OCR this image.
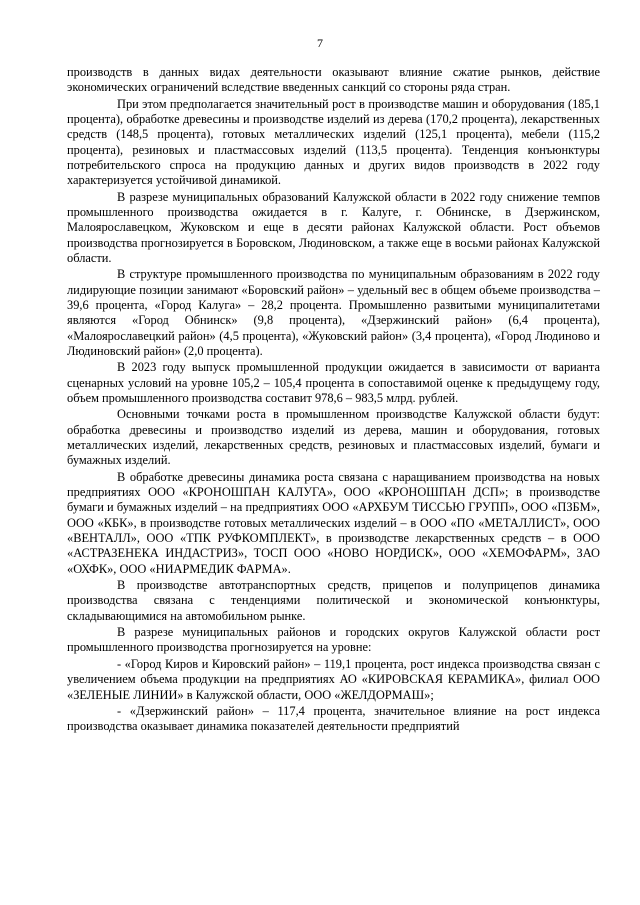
7

производств в данных видах деятельности оказывают влияние сжатие рынков, действие экономических ограничений вследствие введенных санкций со стороны ряда стран.

При этом предполагается значительный рост в производстве машин и оборудования (185,1 процента), обработке древесины и производстве изделий из дерева (170,2 процента), лекарственных средств (148,5 процента), готовых металлических изделий (125,1 процента), мебели (115,2 процента), резиновых и пластмассовых изделий (113,5 процента). Тенденция конъюнктуры потребительского спроса на продукцию данных и других видов производств в 2022 году характеризуется устойчивой динамикой.

В разрезе муниципальных образований Калужской области в 2022 году снижение темпов промышленного производства ожидается в г. Калуге, г. Обнинске, в Дзержинском, Малоярославецком, Жуковском и еще в десяти районах Калужской области. Рост объемов производства прогнозируется в Боровском, Людиновском, а также еще в восьми районах Калужской области.

В структуре промышленного производства по муниципальным образованиям в 2022 году лидирующие позиции занимают «Боровский район» – удельный вес в общем объеме производства – 39,6 процента, «Город Калуга» – 28,2 процента. Промышленно развитыми муниципалитетами являются «Город Обнинск» (9,8 процента), «Дзержинский район» (6,4 процента), «Малоярославецкий район» (4,5 процента), «Жуковский район» (3,4 процента), «Город Людиново и Людиновский район» (2,0 процента).

В 2023 году выпуск промышленной продукции ожидается в зависимости от варианта сценарных условий на уровне 105,2 – 105,4 процента в сопоставимой оценке к предыдущему году, объем промышленного производства составит 978,6 – 983,5 млрд. рублей.

Основными точками роста в промышленном производстве Калужской области будут: обработка древесины и производство изделий из дерева, машин и оборудования, готовых металлических изделий, лекарственных средств, резиновых и пластмассовых изделий, бумаги и бумажных изделий.

В обработке древесины динамика роста связана с наращиванием производства на новых предприятиях ООО «КРОНОШПАН КАЛУГА», ООО «КРОНОШПАН ДСП»; в производстве бумаги и бумажных изделий – на предприятиях ООО «АРХБУМ ТИССЬЮ ГРУПП», ООО «ПЗБМ», ООО «КБК», в производстве готовых металлических изделий – в ООО «ПО «МЕТАЛЛИСТ», ООО «ВЕНТАЛЛ», ООО «ТПК РУФКОМПЛЕКТ», в производстве лекарственных средств – в ООО «АСТРАЗЕНЕКА ИНДАСТРИЗ», ТОСП ООО «НОВО НОРДИСК», ООО «ХЕМОФАРМ», ЗАО «ОХФК», ООО «НИАРМЕДИК ФАРМА».

В производстве автотранспортных средств, прицепов и полуприцепов динамика производства связана с тенденциями политической и экономической конъюнктуры, складывающимися на автомобильном рынке.

В разрезе муниципальных районов и городских округов Калужской области рост промышленного производства прогнозируется на уровне:

- «Город Киров и Кировский район» – 119,1 процента, рост индекса производства связан с увеличением объема продукции на предприятиях АО «КИРОВСКАЯ КЕРАМИКА», филиал ООО «ЗЕЛЕНЫЕ ЛИНИИ» в Калужской области, ООО «ЖЕЛДОРМАШ»;

- «Дзержинский район» – 117,4 процента, значительное влияние на рост индекса производства оказывает динамика показателей деятельности предприятий
